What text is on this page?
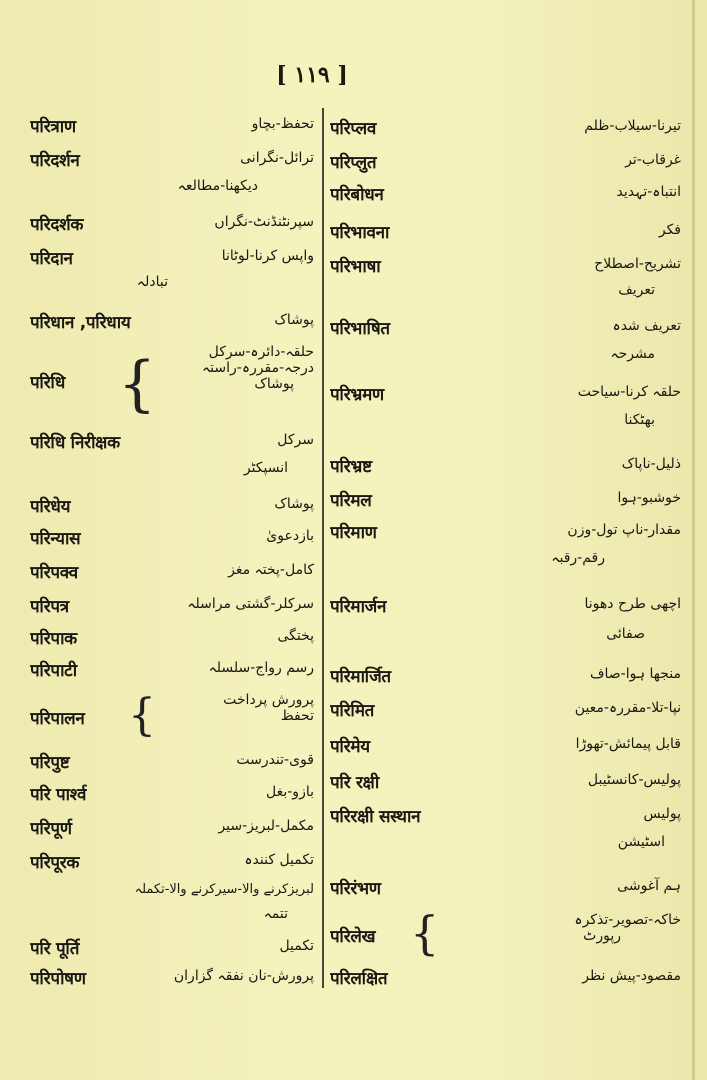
[ ١١٩ ]
परित्राण	تحفظ-بچاو
परिदर्शन	ترائل-نگرانی
دیکھنا-مطالعہ
परिदर्शक	سپرنٹنڈنٹ-نگراں
परिदान	واپس کرنا-لوٹانا
تبادلہ
परिधान ,परिधाय	پوشاک
परिधि {	حلقہ-دائرہ-سرکل
درجہ-مقررہ-راستہ
پوشاک
परिधि निरीक्षक	سرکل
انسپکٹر
परिधेय	پوشاک
परिन्यास	بازدعویٰ
परिपक्व	کامل-پختہ مغز
परिपत्र	سرکلر-گشتی مراسلہ
परिपाक	پختگی
परिपाटी	رسم رواج-سلسلہ
परिपालन {	پرورش پرداخت
تحفظ
परिपुष्ट	قوی-تندرست
परि पार्श्व	بازو-بغل
परिपूर्ण	مکمل-لبریز-سیر
परिपूरक	تکمیل کنندہ
لبریزکرنے والا-سیرکرنے والا-تکملہ
تتمہ
परि पूर्ति	تکمیل
परिपोषण	پرورش-نان نفقہ گزاران
परिप्लव	تیرنا-سیلاب-ظلم
परिप्लुत	غرقاب-تر
परिबोधन	انتباہ-تہدید
परिभावना	فکر
परिभाषा	تشریح-اصطلاح
تعریف
परिभाषित	تعریف شدہ
مشرحہ
परिभ्रमण	حلقہ کرنا-سیاحت
بھٹکنا
परिभ्रष्ट	ذلیل-ناپاک
परिमल	خوشبو-ہوا
परिमाण	مقدار-ناپ تول-وزن
رقم-رقبہ
परिमार्जन	اچھی طرح دھونا
صفائی
परिमार्जित	منجھا ہوا-صاف
परिमित	نپا-تلا-مقررہ-معین
परिमेय	قابل پیمائش-تھوڑا
परि रक्षी	پولیس-کانسٹیبل
परिरक्षी सस्थान	پولیس
اسٹیشن
परिरंभण	ہم آغوشی
परिलेख {	خاکہ-تصویر-تذکرہ
رپورٹ
परिलक्षित	مقصود-پیش نظر
